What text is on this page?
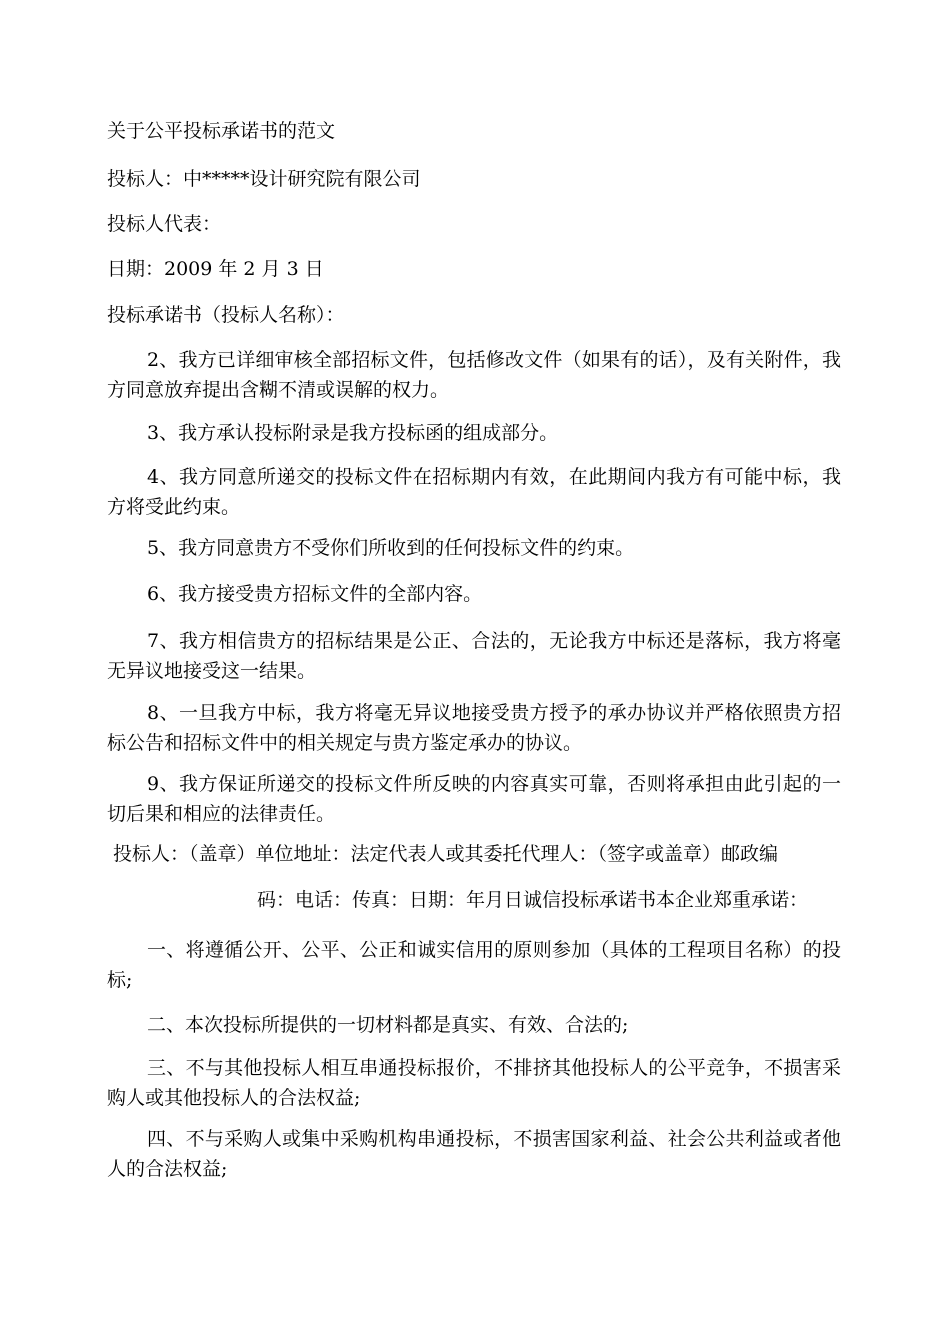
关于公平投标承诺书的范文
投标人：中*****设计研究院有限公司
投标人代表：
日期：2009 年 2 月 3 日
投标承诺书（投标人名称）：
2、我方已详细审核全部招标文件，包括修改文件（如果有的话），及有关附件，我方同意放弃提出含糊不清或误解的权力。
3、我方承认投标附录是我方投标函的组成部分。
4、我方同意所递交的投标文件在招标期内有效，在此期间内我方有可能中标，我方将受此约束。
5、我方同意贵方不受你们所收到的任何投标文件的约束。
6、我方接受贵方招标文件的全部内容。
7、我方相信贵方的招标结果是公正、合法的，无论我方中标还是落标，我方将毫无异议地接受这一结果。
8、一旦我方中标，我方将毫无异议地接受贵方授予的承办协议并严格依照贵方招标公告和招标文件中的相关规定与贵方鉴定承办的协议。
9、我方保证所递交的投标文件所反映的内容真实可靠，否则将承担由此引起的一切后果和相应的法律责任。
投标人：（盖章）单位地址：法定代表人或其委托代理人：（签字或盖章）邮政编
码：电话：传真：日期：年月日诚信投标承诺书本企业郑重承诺：
一、将遵循公开、公平、公正和诚实信用的原则参加（具体的工程项目名称）的投标;
二、本次投标所提供的一切材料都是真实、有效、合法的;
三、不与其他投标人相互串通投标报价，不排挤其他投标人的公平竞争，不损害采购人或其他投标人的合法权益;
四、不与采购人或集中采购机构串通投标，不损害国家利益、社会公共利益或者他人的合法权益;
